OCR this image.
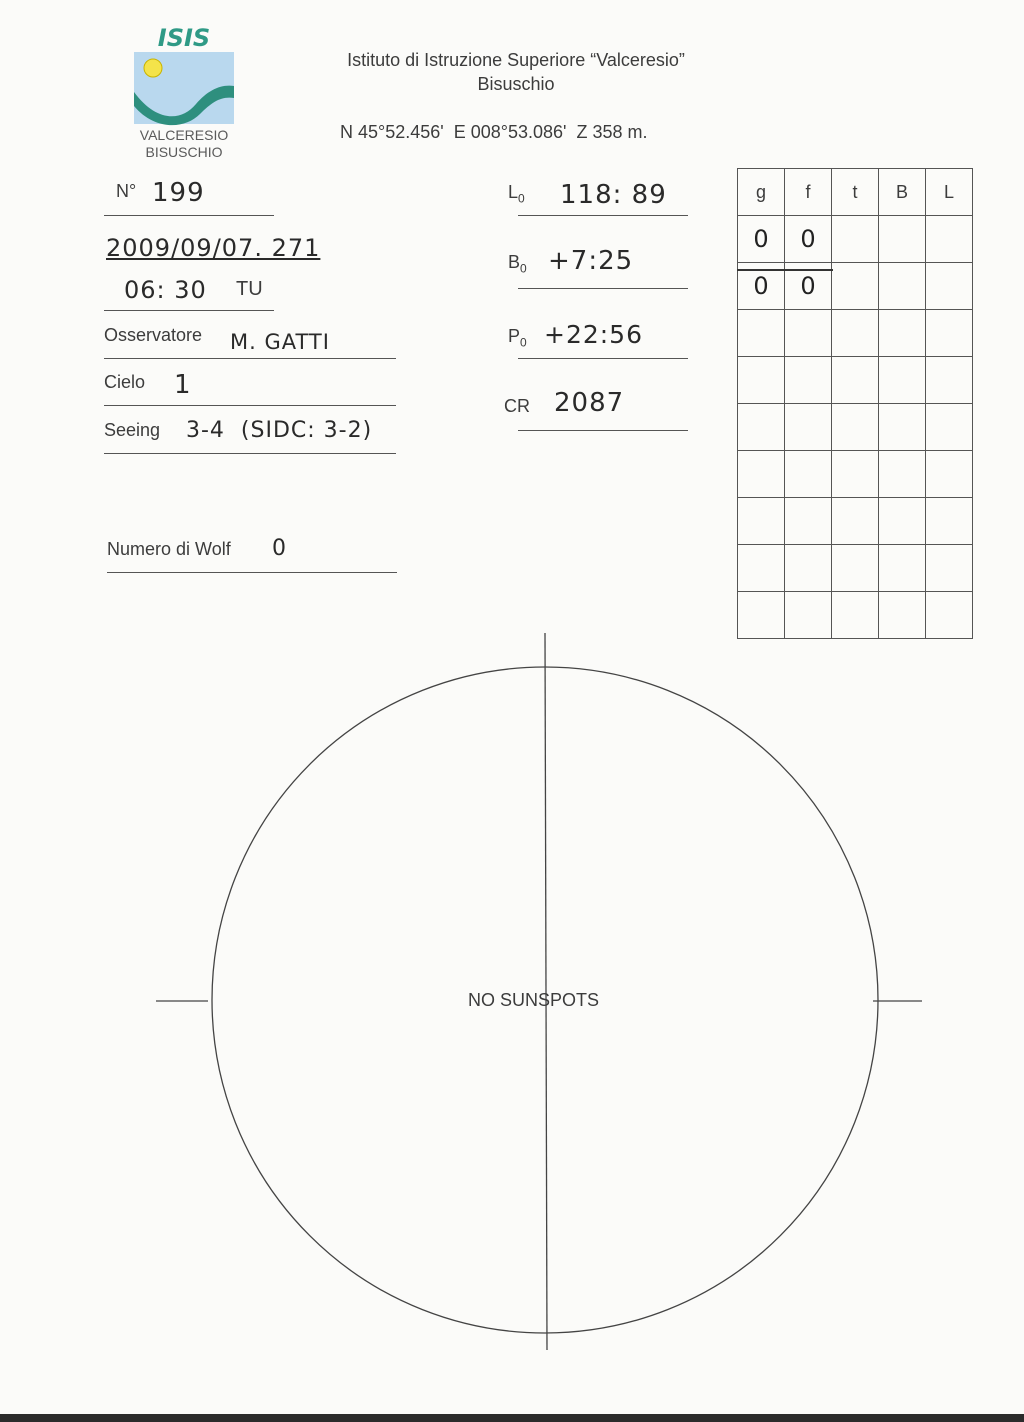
ISIS
VALCERESIO
BISUSCHIO
Istituto di Istruzione Superiore “Valceresio”
Bisuschio
N 45°52.456'  E 008°53.086'  Z 358 m.
N° 199
2009/09/07. 271
06: 30 TU
Osservatore M. GATTI
Cielo 1
Seeing 3-4  (SIDC: 3-2)
Numero di Wolf 0
$L_0$ 118: 89
$B_0$ +7:25
$P_0$ +22:56
CR 2087
g	f	t	B	L
0	0			
0	0			

NO SUNSPOTS
